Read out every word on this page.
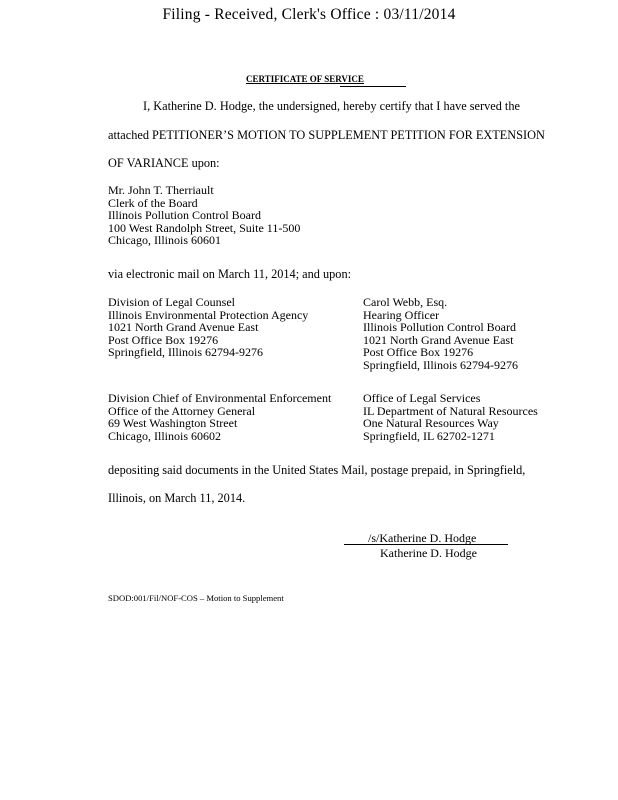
Filing - Received, Clerk's Office : 03/11/2014
CERTIFICATE OF SERVICE
I, Katherine D. Hodge, the undersigned, hereby certify that I have served the
attached PETITIONER’S MOTION TO SUPPLEMENT PETITION FOR EXTENSION
OF VARIANCE upon:
Mr. John T. Therriault
Clerk of the Board
Illinois Pollution Control Board
100 West Randolph Street, Suite 11-500
Chicago, Illinois 60601
via electronic mail on March 11, 2014; and upon:
Division of Legal Counsel
Illinois Environmental Protection Agency
1021 North Grand Avenue East
Post Office Box 19276
Springfield, Illinois 62794-9276
Carol Webb, Esq.
Hearing Officer
Illinois Pollution Control Board
1021 North Grand Avenue East
Post Office Box 19276
Springfield, Illinois 62794-9276
Division Chief of Environmental Enforcement
Office of the Attorney General
69 West Washington Street
Chicago, Illinois 60602
Office of Legal Services
IL Department of Natural Resources
One Natural Resources Way
Springfield, IL 62702-1271
depositing said documents in the United States Mail, postage prepaid, in Springfield,
Illinois, on March 11, 2014.
/s/Katherine D. Hodge
Katherine D. Hodge
SDOD:001/Fil/NOF-COS – Motion to Supplement
